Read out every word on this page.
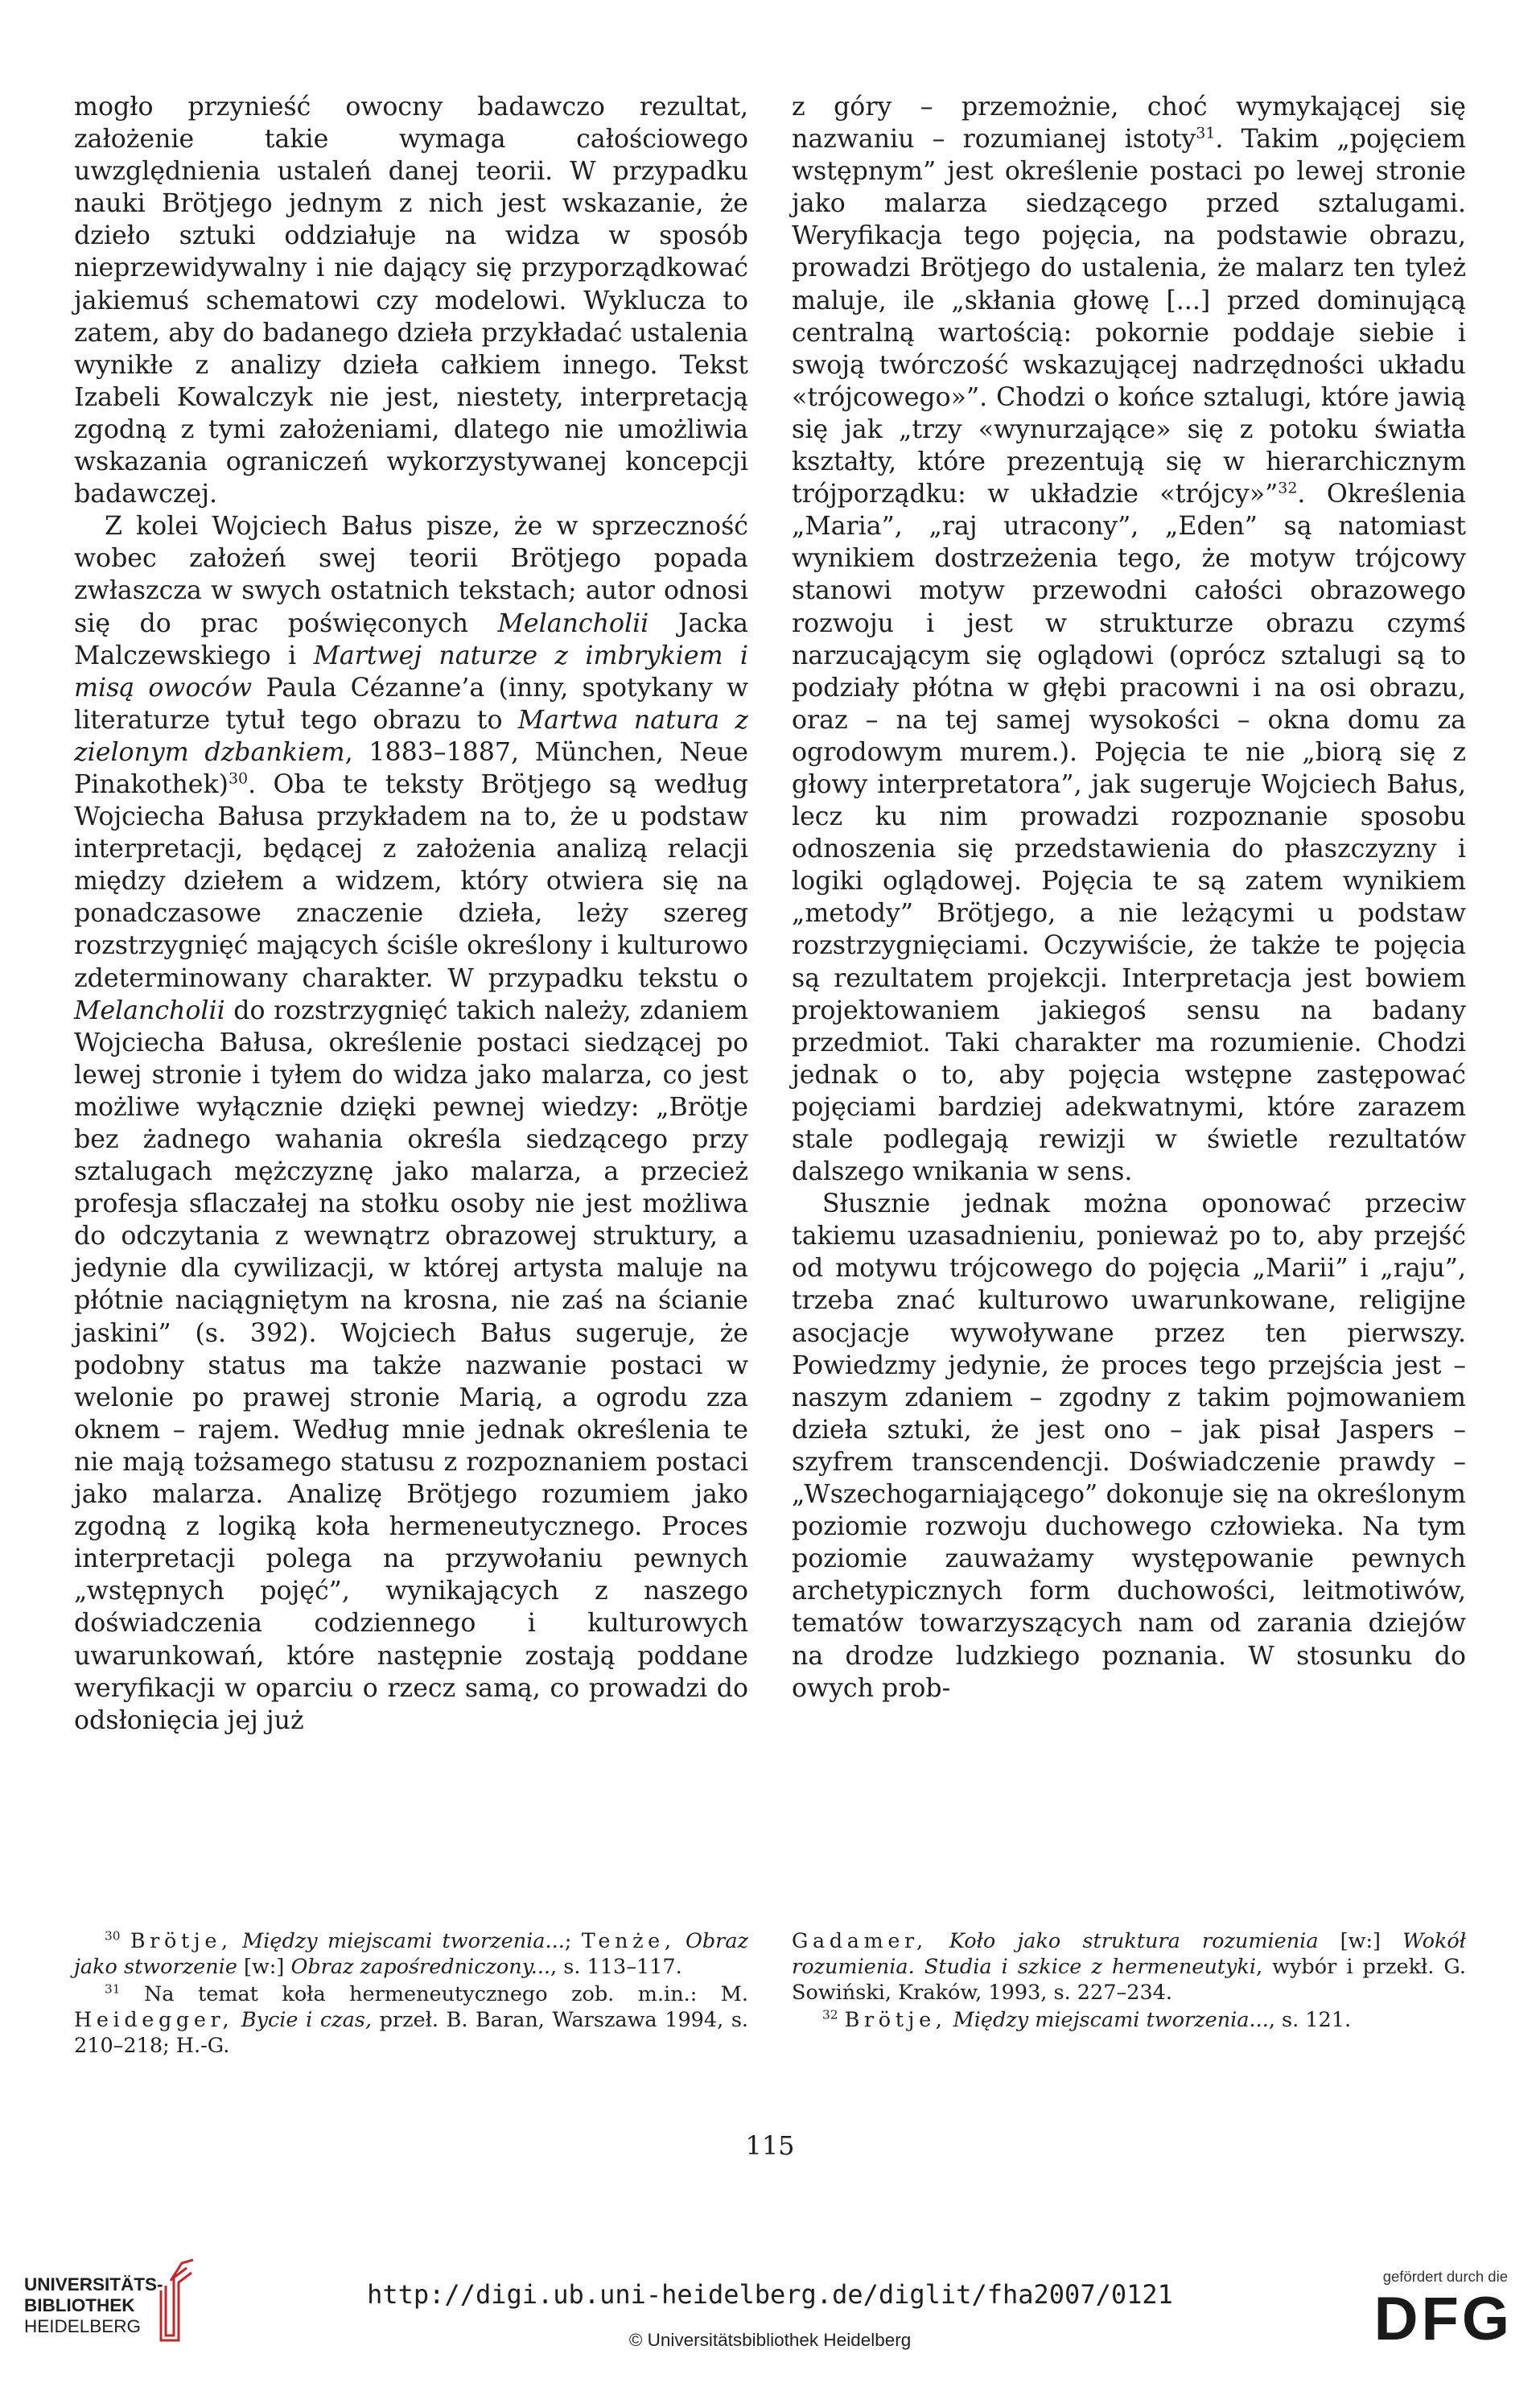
mogło przynieść owocny badawczo rezultat, założenie takie wymaga całościowego uwzględnienia ustaleń danej teorii. W przypadku nauki Brötjego jednym z nich jest wskazanie, że dzieło sztuki oddziałuje na widza w sposób nieprzewidywalny i nie dający się przyporządkować jakiemuś schematowi czy modelowi. Wyklucza to zatem, aby do badanego dzieła przykładać ustalenia wynikłe z analizy dzieła całkiem innego. Tekst Izabeli Kowalczyk nie jest, niestety, interpretacją zgodną z tymi założeniami, dlatego nie umożliwia wskazania ograniczeń wykorzystywanej koncepcji badawczej.

Z kolei Wojciech Bałus pisze, że w sprzeczność wobec założeń swej teorii Brötjego popada zwłaszcza w swych ostatnich tekstach; autor odnosi się do prac poświęconych Melancholii Jacka Malczewskiego i Martwej naturze z imbrykiem i misą owoców Paula Cézanne’a (inny, spotykany w literaturze tytuł tego obrazu to Martwa natura z zielonym dzbankiem, 1883–1887, München, Neue Pinakothek)$^{30}$. Oba te teksty Brötjego są według Wojciecha Bałusa przykładem na to, że u podstaw interpretacji, będącej z założenia analizą relacji między dziełem a widzem, który otwiera się na ponadczasowe znaczenie dzieła, leży szereg rozstrzygnięć mających ściśle określony i kulturowo zdeterminowany charakter. W przypadku tekstu o Melancholii do rozstrzygnięć takich należy, zdaniem Wojciecha Bałusa, określenie postaci siedzącej po lewej stronie i tyłem do widza jako malarza, co jest możliwe wyłącznie dzięki pewnej wiedzy: „Brötje bez żadnego wahania określa siedzącego przy sztalugach mężczyznę jako malarza, a przecież profesja sflaczałej na stołku osoby nie jest możliwa do odczytania z wewnątrz obrazowej struktury, a jedynie dla cywilizacji, w której artysta maluje na płótnie naciągniętym na krosna, nie zaś na ścianie jaskini” (s. 392). Wojciech Bałus sugeruje, że podobny status ma także nazwanie postaci w welonie po prawej stronie Marią, a ogrodu zza oknem – rajem. Według mnie jednak określenia te nie mają tożsamego statusu z rozpoznaniem postaci jako malarza. Analizę Brötjego rozumiem jako zgodną z logiką koła hermeneutycznego. Proces interpretacji polega na przywołaniu pewnych „wstępnych pojęć”, wynikających z naszego doświadczenia codziennego i kulturowych uwarunkowań, które następnie zostają poddane weryfikacji w oparciu o rzecz samą, co prowadzi do odsłonięcia jej już

z góry – przemożnie, choć wymykającej się nazwaniu – rozumianej istoty$^{31}$. Takim „pojęciem wstępnym” jest określenie postaci po lewej stronie jako malarza siedzącego przed sztalugami. Weryfikacja tego pojęcia, na podstawie obrazu, prowadzi Brötjego do ustalenia, że malarz ten tyleż maluje, ile „skłania głowę [...] przed dominującą centralną wartością: pokornie poddaje siebie i swoją twórczość wskazującej nadrzędności układu «trójcowego»”. Chodzi o końce sztalugi, które jawią się jak „trzy «wynurzające» się z potoku światła kształty, które prezentują się w hierarchicznym trójporządku: w układzie «trójcy»”$^{32}$. Określenia „Maria”, „raj utracony”, „Eden” są natomiast wynikiem dostrzeżenia tego, że motyw trójcowy stanowi motyw przewodni całości obrazowego rozwoju i jest w strukturze obrazu czymś narzucającym się oglądowi (oprócz sztalugi są to podziały płótna w głębi pracowni i na osi obrazu, oraz – na tej samej wysokości – okna domu za ogrodowym murem.). Pojęcia te nie „biorą się z głowy interpretatora”, jak sugeruje Wojciech Bałus, lecz ku nim prowadzi rozpoznanie sposobu odnoszenia się przedstawienia do płaszczyzny i logiki oglądowej. Pojęcia te są zatem wynikiem „metody” Brötjego, a nie leżącymi u podstaw rozstrzygnięciami. Oczywiście, że także te pojęcia są rezultatem projekcji. Interpretacja jest bowiem projektowaniem jakiegoś sensu na badany przedmiot. Taki charakter ma rozumienie. Chodzi jednak o to, aby pojęcia wstępne zastępować pojęciami bardziej adekwatnymi, które zarazem stale podlegają rewizji w świetle rezultatów dalszego wnikania w sens.

Słusznie jednak można oponować przeciw takiemu uzasadnieniu, ponieważ po to, aby przejść od motywu trójcowego do pojęcia „Marii” i „raju”, trzeba znać kulturowo uwarunkowane, religijne asocjacje wywoływane przez ten pierwszy. Powiedzmy jedynie, że proces tego przejścia jest – naszym zdaniem – zgodny z takim pojmowaniem dzieła sztuki, że jest ono – jak pisał Jaspers – szyfrem transcendencji. Doświadczenie prawdy – „Wszechogarniającego” dokonuje się na określonym poziomie rozwoju duchowego człowieka. Na tym poziomie zauważamy występowanie pewnych archetypicznych form duchowości, leitmotiwów, tematów towarzyszących nam od zarania dziejów na drodze ludzkiego poznania. W stosunku do owych prob-

$^{30}$ Brötje, Między miejscami tworzenia...; Tenże, Obraz jako stworzenie [w:] Obraz zapośredniczony..., s. 113–117.

$^{31}$ Na temat koła hermeneutycznego zob. m.in.: M. Heidegger, Bycie i czas, przeł. B. Baran, Warszawa 1994, s. 210–218; H.-G.

Gadamer, Koło jako struktura rozumienia [w:] Wokół rozumienia. Studia i szkice z hermeneutyki, wybór i przekł. G. Sowiński, Kraków, 1993, s. 227–234.

$^{32}$ Brötje, Między miejscami tworzenia..., s. 121.

115
UNIVERSITÄTS-
BIBLIOTHEK
HEIDELBERG
http://digi.ub.uni-heidelberg.de/diglit/fha2007/0121
© Universitätsbibliothek Heidelberg
gefördert durch die
DFG
